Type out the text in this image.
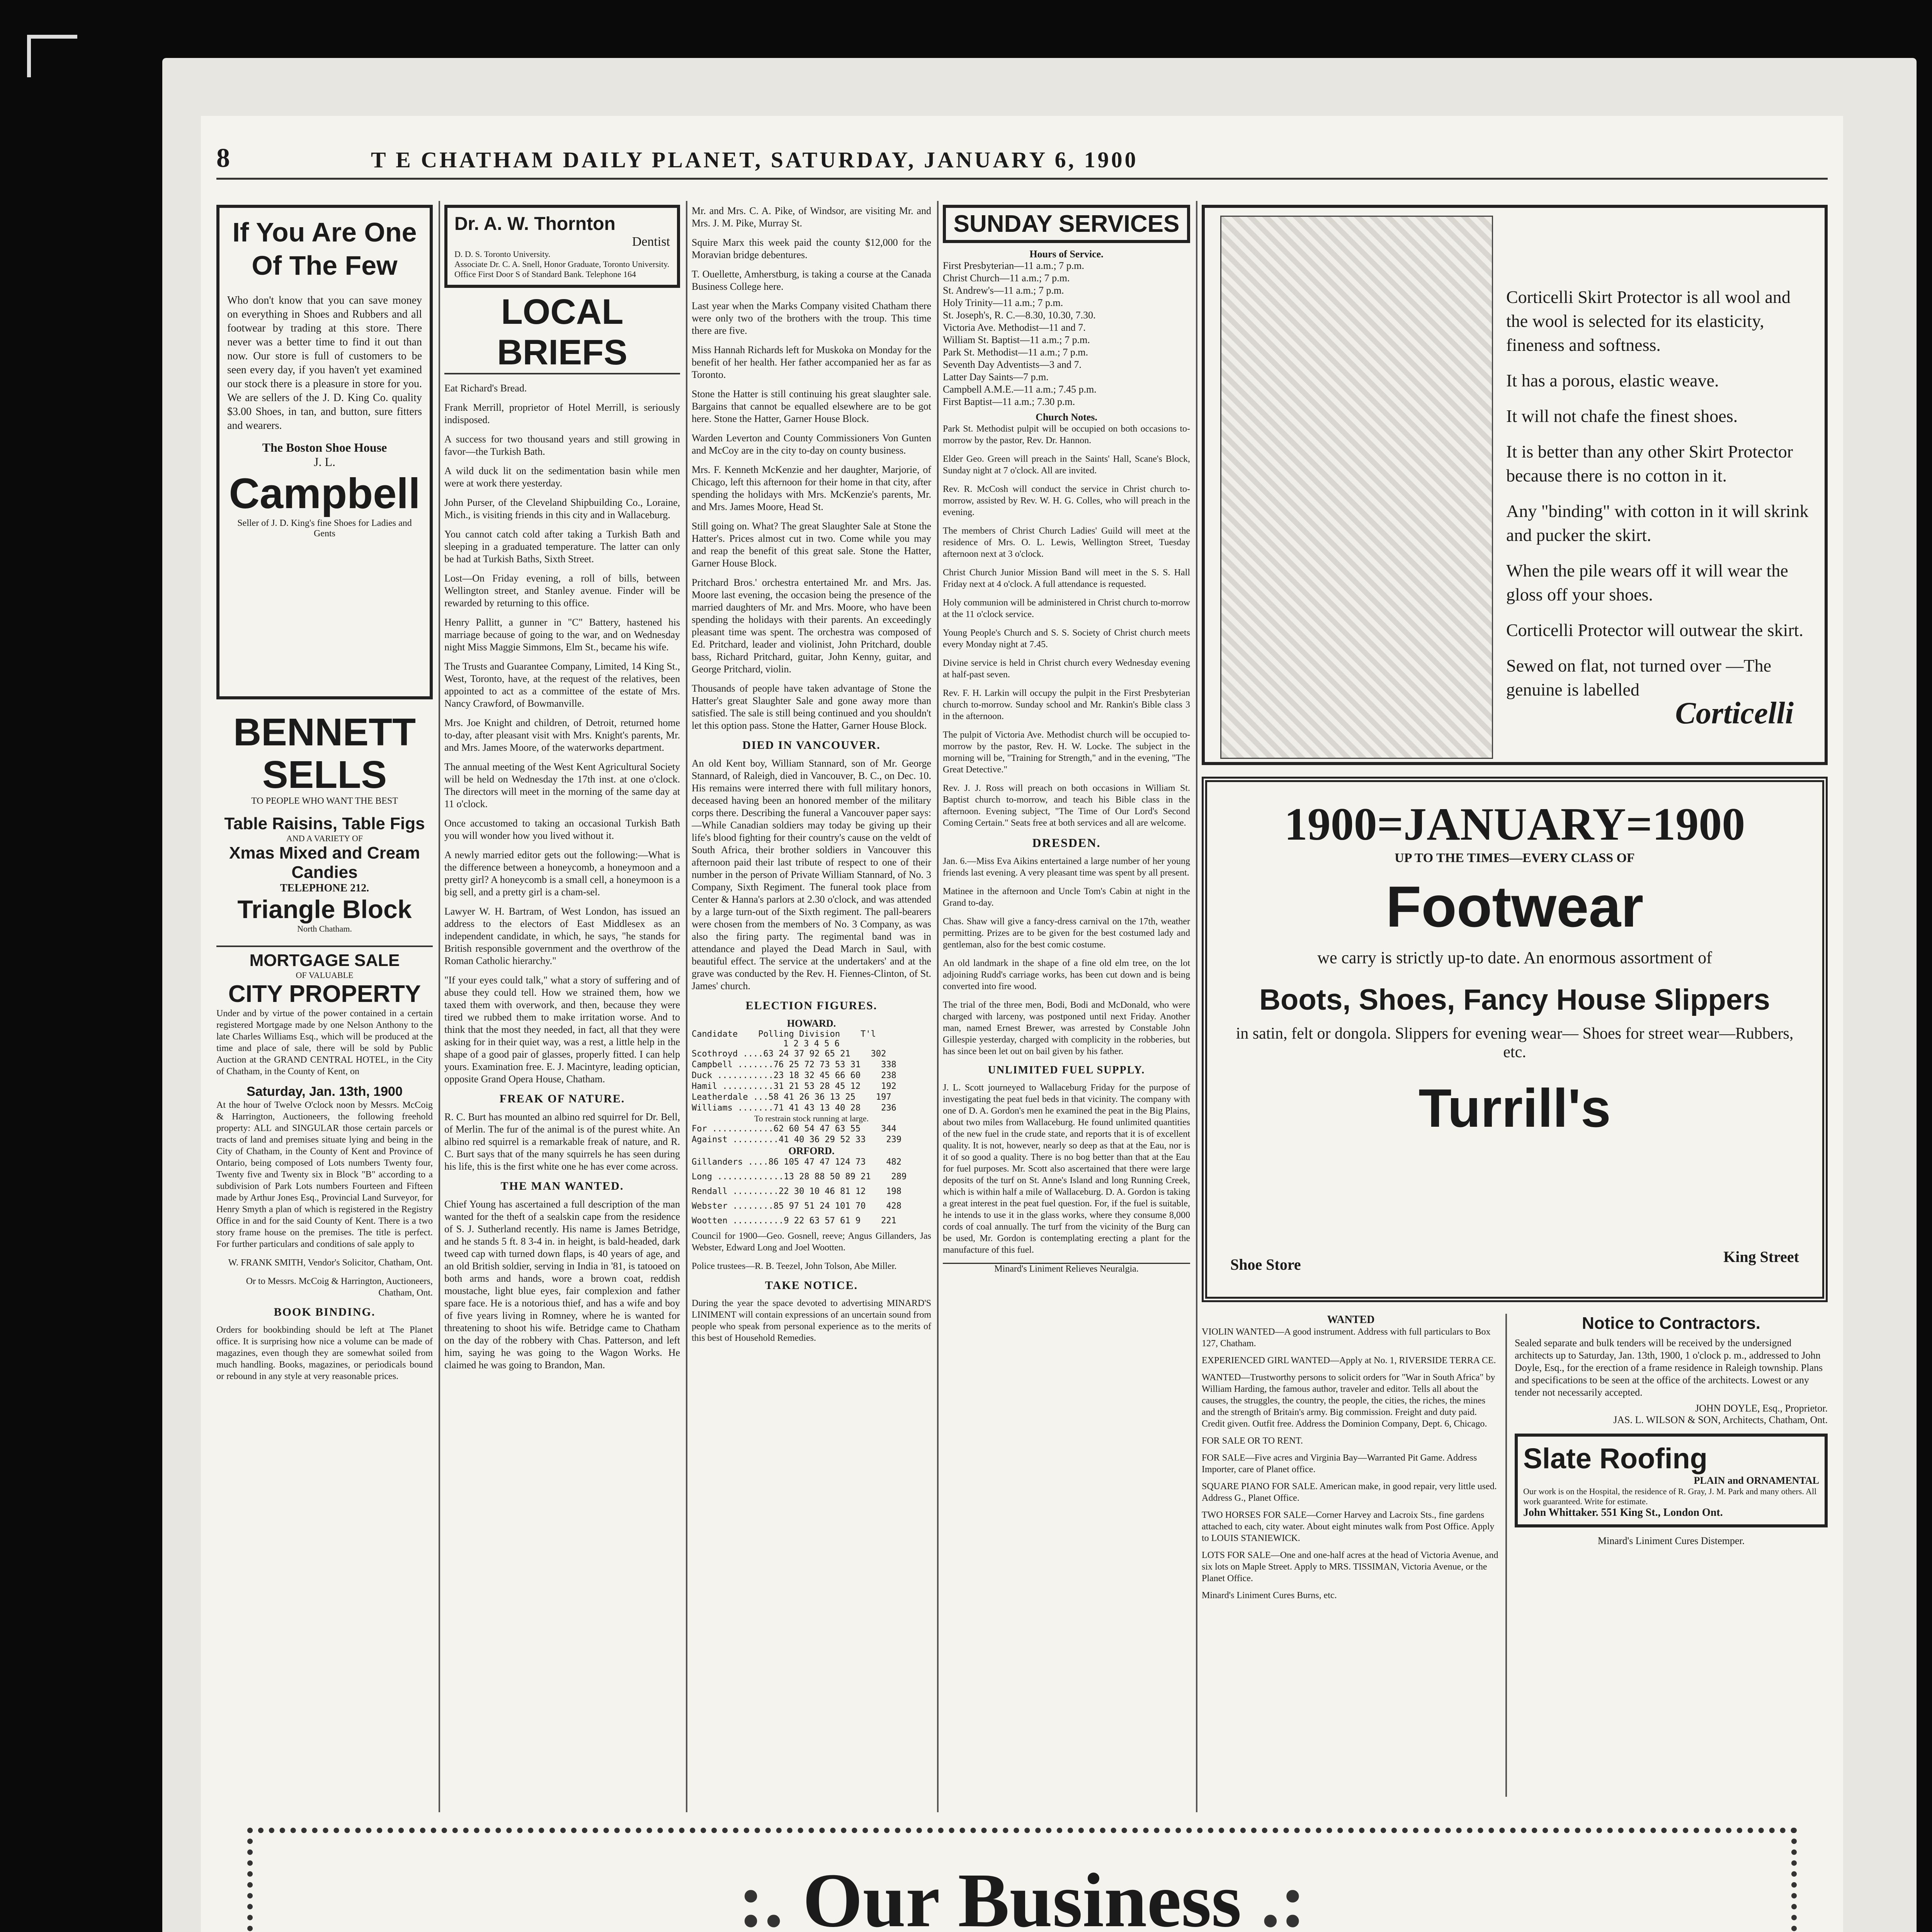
8	T E CHATHAM DAILY PLANET, SATURDAY, JANUARY 6, 1900
If You Are One Of The Few

Who don't know that you can save money on everything in Shoes and Rubbers and all footwear by trading at this store. There never was a better time to find it out than now. Our store is full of customers to be seen every day, if you haven't yet examined our stock there is a pleasure in store for you. We are sellers of the J. D. King Co. quality $3.00 Shoes, in tan, and button, sure fitters and wearers.

The Boston Shoe House
J. L.
Campbell
Seller of J. D. King's fine Shoes for Ladies and Gents
BENNETT SELLS
TO PEOPLE WHO WANT THE BEST
Table Raisins, Table Figs
AND A VARIETY OF
Xmas Mixed and Cream Candies
TELEPHONE 212.
Triangle Block
North Chatham.
MORTGAGE SALE
OF VALUABLE
CITY PROPERTY

Under and by virtue of the power contained in a certain registered Mortgage made by one Nelson Anthony to the late Charles Williams Esq., which will be produced at the time and place of sale, there will be sold by Public Auction at the GRAND CENTRAL HOTEL, in the City of Chatham, in the County of Kent, on

Saturday, Jan. 13th, 1900

At the hour of Twelve O'clock noon by Messrs. McCoig & Harrington, Auctioneers, the following freehold property: ALL and SINGULAR those certain parcels or tracts of land and premises situate lying and being in the City of Chatham, in the County of Kent and Province of Ontario, being composed of Lots numbers Twenty four, Twenty five and Twenty six in Block "B" according to a subdivision of Park Lots numbers Fourteen and Fifteen made by Arthur Jones Esq., Provincial Land Surveyor, for Henry Smyth a plan of which is registered in the Registry Office in and for the said County of Kent. There is a two story frame house on the premises. The title is perfect. For further particulars and conditions of sale apply to

W. FRANK SMITH, Vendor's Solicitor, Chatham, Ont.

Or to Messrs. McCoig & Harrington, Auctioneers, Chatham, Ont.

BOOK BINDING.

Orders for bookbinding should be left at The Planet office. It is surprising how nice a volume can be made of magazines, even though they are somewhat soiled from much handling. Books, magazines, or periodicals bound or rebound in any style at very reasonable prices.

Dr. A. W. Thornton
Dentist
D. D. S. Toronto University.
Associate Dr. C. A. Snell, Honor Graduate, Toronto University. Office First Door S of Standard Bank. Telephone 164
LOCAL BRIEFS

Eat Richard's Bread.

Frank Merrill, proprietor of Hotel Merrill, is seriously indisposed.

A success for two thousand years and still growing in favor—the Turkish Bath.

A wild duck lit on the sedimentation basin while men were at work there yesterday.

John Purser, of the Cleveland Shipbuilding Co., Loraine, Mich., is visiting friends in this city and in Wallaceburg.

You cannot catch cold after taking a Turkish Bath and sleeping in a graduated temperature. The latter can only be had at Turkish Baths, Sixth Street.

Lost—On Friday evening, a roll of bills, between Wellington street, and Stanley avenue. Finder will be rewarded by returning to this office.

Henry Pallitt, a gunner in "C" Battery, hastened his marriage because of going to the war, and on Wednesday night Miss Maggie Simmons, Elm St., became his wife.

The Trusts and Guarantee Company, Limited, 14 King St., West, Toronto, have, at the request of the relatives, been appointed to act as a committee of the estate of Mrs. Nancy Crawford, of Bowmanville.

Mrs. Joe Knight and children, of Detroit, returned home to-day, after pleasant visit with Mrs. Knight's parents, Mr. and Mrs. James Moore, of the waterworks department.

The annual meeting of the West Kent Agricultural Society will be held on Wednesday the 17th inst. at one o'clock. The directors will meet in the morning of the same day at 11 o'clock.

Once accustomed to taking an occasional Turkish Bath you will wonder how you lived without it.

A newly married editor gets out the following:—What is the difference between a honeycomb, a honeymoon and a pretty girl? A honeycomb is a small cell, a honeymoon is a big sell, and a pretty girl is a cham-sel.

Lawyer W. H. Bartram, of West London, has issued an address to the electors of East Middlesex as an independent candidate, in which, he says, "he stands for British responsible government and the overthrow of the Roman Catholic hierarchy."

"If your eyes could talk," what a story of suffering and of abuse they could tell. How we strained them, how we taxed them with overwork, and then, because they were tired we rubbed them to make irritation worse. And to think that the most they needed, in fact, all that they were asking for in their quiet way, was a rest, a little help in the shape of a good pair of glasses, properly fitted. I can help yours. Examination free. E. J. Macintyre, leading optician, opposite Grand Opera House, Chatham.

FREAK OF NATURE.

R. C. Burt has mounted an albino red squirrel for Dr. Bell, of Merlin. The fur of the animal is of the purest white. An albino red squirrel is a remarkable freak of nature, and R. C. Burt says that of the many squirrels he has seen during his life, this is the first white one he has ever come across.

THE MAN WANTED.

Chief Young has ascertained a full description of the man wanted for the theft of a sealskin cape from the residence of S. J. Sutherland recently. His name is James Betridge, and he stands 5 ft. 8 3-4 in. in height, is bald-headed, dark tweed cap with turned down flaps, is 40 years of age, and an old British soldier, serving in India in '81, is tatooed on both arms and hands, wore a brown coat, reddish moustache, light blue eyes, fair complexion and father spare face. He is a notorious thief, and has a wife and boy of five years living in Romney, where he is wanted for threatening to shoot his wife. Betridge came to Chatham on the day of the robbery with Chas. Patterson, and left him, saying he was going to the Wagon Works. He claimed he was going to Brandon, Man.

Mr. and Mrs. C. A. Pike, of Windsor, are visiting Mr. and Mrs. J. M. Pike, Murray St.

Squire Marx this week paid the county $12,000 for the Moravian bridge debentures.

T. Ouellette, Amherstburg, is taking a course at the Canada Business College here.

Last year when the Marks Company visited Chatham there were only two of the brothers with the troup. This time there are five.

Miss Hannah Richards left for Muskoka on Monday for the benefit of her health. Her father accompanied her as far as Toronto.

Stone the Hatter is still continuing his great slaughter sale. Bargains that cannot be equalled elsewhere are to be got here. Stone the Hatter, Garner House Block.

Warden Leverton and County Commissioners Von Gunten and McCoy are in the city to-day on county business.

Mrs. F. Kenneth McKenzie and her daughter, Marjorie, of Chicago, left this afternoon for their home in that city, after spending the holidays with Mrs. McKenzie's parents, Mr. and Mrs. James Moore, Head St.

Still going on. What? The great Slaughter Sale at Stone the Hatter's. Prices almost cut in two. Come while you may and reap the benefit of this great sale. Stone the Hatter, Garner House Block.

Pritchard Bros.' orchestra entertained Mr. and Mrs. Jas. Moore last evening, the occasion being the presence of the married daughters of Mr. and Mrs. Moore, who have been spending the holidays with their parents. An exceedingly pleasant time was spent. The orchestra was composed of Ed. Pritchard, leader and violinist, John Pritchard, double bass, Richard Pritchard, guitar, John Kenny, guitar, and George Pritchard, violin.

Thousands of people have taken advantage of Stone the Hatter's great Slaughter Sale and gone away more than satisfied. The sale is still being continued and you shouldn't let this option pass. Stone the Hatter, Garner House Block.

DIED IN VANCOUVER.

An old Kent boy, William Stannard, son of Mr. George Stannard, of Raleigh, died in Vancouver, B. C., on Dec. 10. His remains were interred there with full military honors, deceased having been an honored member of the military corps there. Describing the funeral a Vancouver paper says:—While Canadian soldiers may today be giving up their life's blood fighting for their country's cause on the veldt of South Africa, their brother soldiers in Vancouver this afternoon paid their last tribute of respect to one of their number in the person of Private William Stannard, of No. 3 Company, Sixth Regiment. The funeral took place from Center & Hanna's parlors at 2.30 o'clock, and was attended by a large turn-out of the Sixth regiment. The pall-bearers were chosen from the members of No. 3 Company, as was also the firing party. The regimental band was in attendance and played the Dead March in Saul, with beautiful effect. The service at the undertakers' and at the grave was conducted by the Rev. H. Fiennes-Clinton, of St. James' church.

ELECTION FIGURES.
HOWARD.
Candidate    Polling Division    T'l
1 2 3 4 5 6

Scothroyd ....63 24 37 92 65 21    302

Campbell .......76 25 72 73 53 31    338

Duck ...........23 18 32 45 66 60    238

Hamil ..........31 21 53 28 45 12    192

Leatherdale ...58 41 26 36 13 25    197

Williams .......71 41 43 13 40 28    236

To restrain stock running at large.

For ............62 60 54 47 63 55    344

Against .........41 40 36 29 52 33    239

ORFORD.

Gillanders ....86 105 47 47 124 73    482

Long .............13 28 88 50 89 21    289

Rendall .........22 30 10 46 81 12    198

Webster ........85 97 51 24 101 70    428

Wootten ..........9 22 63 57 61 9    221

Council for 1900—Geo. Gosnell, reeve; Angus Gillanders, Jas Webster, Edward Long and Joel Wootten.

Police trustees—R. B. Teezel, John Tolson, Abe Miller.

TAKE NOTICE.

During the year the space devoted to advertising MINARD'S LINIMENT will contain expressions of an uncertain sound from people who speak from personal experience as to the merits of this best of Household Remedies.

SUNDAY SERVICES
Hours of Service.

First Presbyterian—11 a.m.; 7 p.m.

Christ Church—11 a.m.; 7 p.m.

St. Andrew's—11 a.m.; 7 p.m.

Holy Trinity—11 a.m.; 7 p.m.

St. Joseph's, R. C.—8.30, 10.30, 7.30.

Victoria Ave. Methodist—11 and 7.

William St. Baptist—11 a.m.; 7 p.m.

Park St. Methodist—11 a.m.; 7 p.m.

Seventh Day Adventists—3 and 7.

Latter Day Saints—7 p.m.

Campbell A.M.E.—11 a.m.; 7.45 p.m.

First Baptist—11 a.m.; 7.30 p.m.

Church Notes.

Park St. Methodist pulpit will be occupied on both occasions to-morrow by the pastor, Rev. Dr. Hannon.

Elder Geo. Green will preach in the Saints' Hall, Scane's Block, Sunday night at 7 o'clock. All are invited.

Rev. R. McCosh will conduct the service in Christ church to-morrow, assisted by Rev. W. H. G. Colles, who will preach in the evening.

The members of Christ Church Ladies' Guild will meet at the residence of Mrs. O. L. Lewis, Wellington Street, Tuesday afternoon next at 3 o'clock.

Christ Church Junior Mission Band will meet in the S. S. Hall Friday next at 4 o'clock. A full attendance is requested.

Holy communion will be administered in Christ church to-morrow at the 11 o'clock service.

Young People's Church and S. S. Society of Christ church meets every Monday night at 7.45.

Divine service is held in Christ church every Wednesday evening at half-past seven.

Rev. F. H. Larkin will occupy the pulpit in the First Presbyterian church to-morrow. Sunday school and Mr. Rankin's Bible class 3 in the afternoon.

The pulpit of Victoria Ave. Methodist church will be occupied to-morrow by the pastor, Rev. H. W. Locke. The subject in the morning will be, "Training for Strength," and in the evening, "The Great Detective."

Rev. J. J. Ross will preach on both occasions in William St. Baptist church to-morrow, and teach his Bible class in the afternoon. Evening subject, "The Time of Our Lord's Second Coming Certain." Seats free at both services and all are welcome.

DRESDEN.

Jan. 6.—Miss Eva Aikins entertained a large number of her young friends last evening. A very pleasant time was spent by all present.

Matinee in the afternoon and Uncle Tom's Cabin at night in the Grand to-day.

Chas. Shaw will give a fancy-dress carnival on the 17th, weather permitting. Prizes are to be given for the best costumed lady and gentleman, also for the best comic costume.

An old landmark in the shape of a fine old elm tree, on the lot adjoining Rudd's carriage works, has been cut down and is being converted into fire wood.

The trial of the three men, Bodi, Bodi and McDonald, who were charged with larceny, was postponed until next Friday. Another man, named Ernest Brewer, was arrested by Constable John Gillespie yesterday, charged with complicity in the robberies, but has since been let out on bail given by his father.

UNLIMITED FUEL SUPPLY.

J. L. Scott journeyed to Wallaceburg Friday for the purpose of investigating the peat fuel beds in that vicinity. The company with one of D. A. Gordon's men he examined the peat in the Big Plains, about two miles from Wallaceburg. He found unlimited quantities of the new fuel in the crude state, and reports that it is of excellent quality. It is not, however, nearly so deep as that at the Eau, nor is it of so good a quality. There is no bog better than that at the Eau for fuel purposes. Mr. Scott also ascertained that there were large deposits of the turf on St. Anne's Island and long Running Creek, which is within half a mile of Wallaceburg. D. A. Gordon is taking a great interest in the peat fuel question. For, if the fuel is suitable, he intends to use it in the glass works, where they consume 8,000 cords of coal annually. The turf from the vicinity of the Burg can be used, Mr. Gordon is contemplating erecting a plant for the manufacture of this fuel.

Minard's Liniment Relieves Neuralgia.

Corticelli Skirt Protector is all wool and the wool is selected for its elasticity, fineness and softness.

It has a porous, elastic weave.

It will not chafe the finest shoes.

It is better than any other Skirt Protector because there is no cotton in it.

Any "binding" with cotton in it will skrink and pucker the skirt.

When the pile wears off it will wear the gloss off your shoes.

Corticelli Protector will outwear the skirt.

Sewed on flat, not turned over —The genuine is labelled

Corticelli
1900=JANUARY=1900
UP TO THE TIMES—EVERY CLASS OF
Footwear
we carry is strictly up-to date. An enormous assortment of
Boots, Shoes, Fancy House Slippers
in satin, felt or dongola. Slippers for evening wear— Shoes for street wear—Rubbers, etc.
Turrill's
Shoe Store	King Street
WANTED

VIOLIN WANTED—A good instrument. Address with full particulars to Box 127, Chatham.

EXPERIENCED GIRL WANTED—Apply at No. 1, RIVERSIDE TERRA CE.

WANTED—Trustworthy persons to solicit orders for "War in South Africa" by William Harding, the famous author, traveler and editor. Tells all about the causes, the struggles, the country, the people, the cities, the riches, the mines and the strength of Britain's army. Big commission. Freight and duty paid. Credit given. Outfit free. Address the Dominion Company, Dept. 6, Chicago.

FOR SALE OR TO RENT.

FOR SALE—Five acres and Virginia Bay—Warranted Pit Game. Address Importer, care of Planet office.

SQUARE PIANO FOR SALE. American make, in good repair, very little used. Address G., Planet Office.

TWO HORSES FOR SALE—Corner Harvey and Lacroix Sts., fine gardens attached to each, city water. About eight minutes walk from Post Office. Apply to LOUIS STANIEWICK.

LOTS FOR SALE—One and one-half acres at the head of Victoria Avenue, and six lots on Maple Street. Apply to MRS. TISSIMAN, Victoria Avenue, or the Planet Office.

Minard's Liniment Cures Burns, etc.

Notice to Contractors.

Sealed separate and bulk tenders will be received by the undersigned architects up to Saturday, Jan. 13th, 1900, 1 o'clock p. m., addressed to John Doyle, Esq., for the erection of a frame residence in Raleigh township. Plans and specifications to be seen at the office of the architects. Lowest or any tender not necessarily accepted.

JOHN DOYLE, Esq., Proprietor.
JAS. L. WILSON & SON, Architects, Chatham, Ont.
Slate Roofing
PLAIN and ORNAMENTAL
Our work is on the Hospital, the residence of R. Gray, J. M. Park and many others. All work guaranteed. Write for estimate.
John Whittaker. 551 King St., London Ont.
Minard's Liniment Cures Distemper.
:. Our Business .:
